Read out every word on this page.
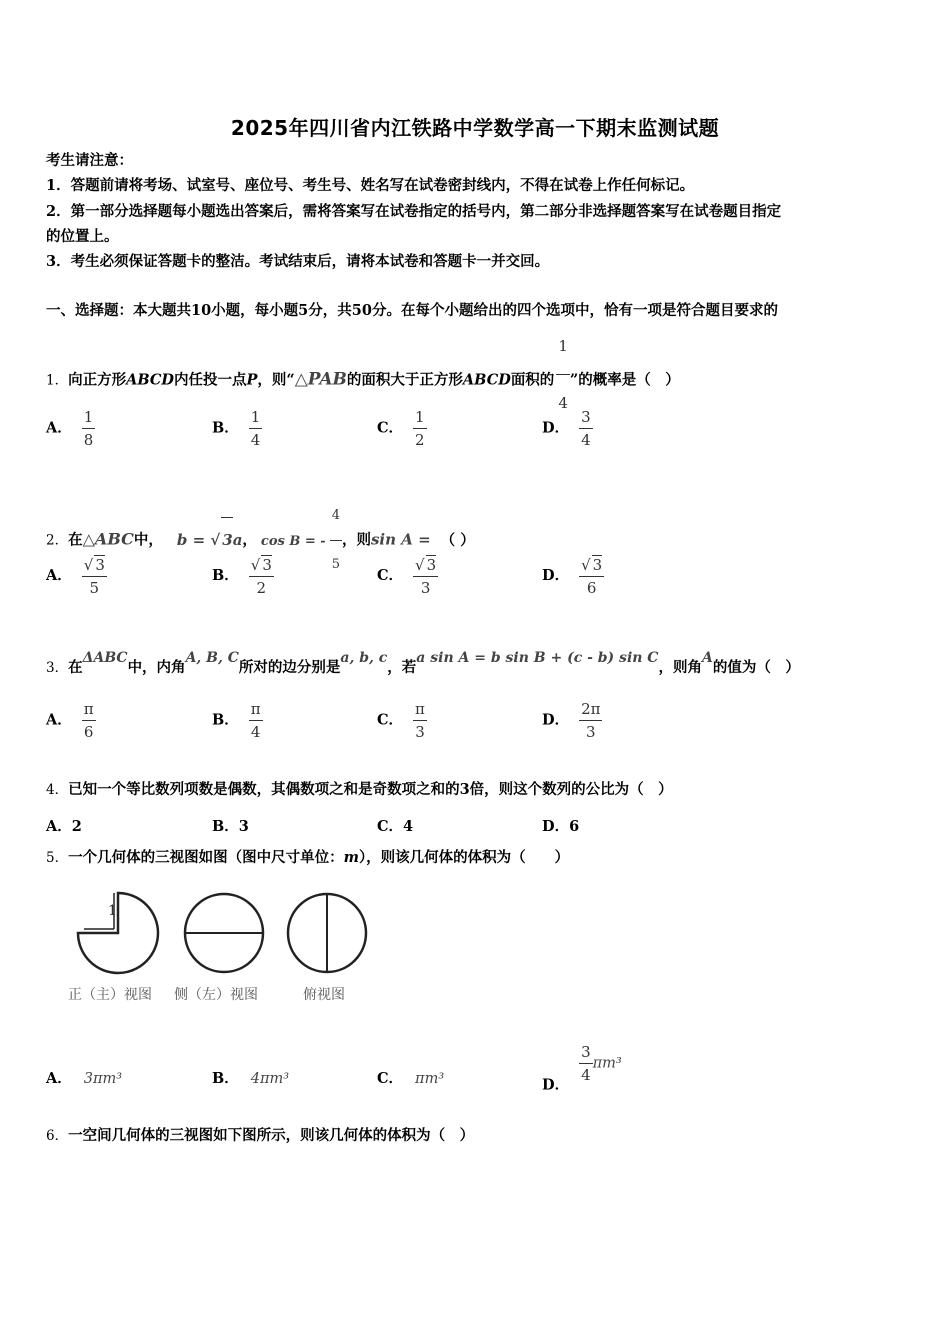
2025年四川省内江铁路中学数学高一下期末监测试题
考生请注意：
1．答题前请将考场、试室号、座位号、考生号、姓名写在试卷密封线内，不得在试卷上作任何标记。
2．第一部分选择题每小题选出答案后，需将答案写在试卷指定的括号内，第二部分非选择题答案写在试卷题目指定
的位置上。
3．考生必须保证答题卡的整洁。考试结束后，请将本试卷和答题卡一并交回。
一、选择题：本大题共10小题，每小题5分，共50分。在每个小题给出的四个选项中，恰有一项是符合题目要求的
1．向正方形ABCD内任投一点P，则“△PAB的面积大于正方形ABCD面积的 $\frac{1}{4}$ ”的概率是（　）
A． $\frac{1}{8}$	B． $\frac{1}{4}$	C． $\frac{1}{2}$	D． $\frac{3}{4}$
2．在△ABC中， b = √ 3a， cos B = - $\frac{4}{5}$ ，则sin A = （ ）
A． $\frac{√ 3}{5}$	B． $\frac{√ 3}{2}$	C． $\frac{√ 3}{3}$	D． $\frac{√ 3}{6}$
3．在ΔABC中，内角A, B, C所对的边分别是a, b, c，若a sin A = b sin B + (c - b) sin C，则角A的值为（　）
A． $\frac{\pi}{6}$	B． $\frac{\pi}{4}$	C． $\frac{\pi}{3}$	D． $\frac{2\pi}{3}$
4．已知一个等比数列项数是偶数，其偶数项之和是奇数项之和的3倍，则这个数列的公比为（　）
A．2	B．3	C．4	D．6
5．一个几何体的三视图如图（图中尺寸单位：m），则该几何体的体积为（　　）
1
正（主）视图 侧（左）视图	俯视图
A． 3πm³	B． 4πm³	C． πm³	D．
$\frac{3}{4} \pi m^3$
6．一空间几何体的三视图如下图所示，则该几何体的体积为（　）
